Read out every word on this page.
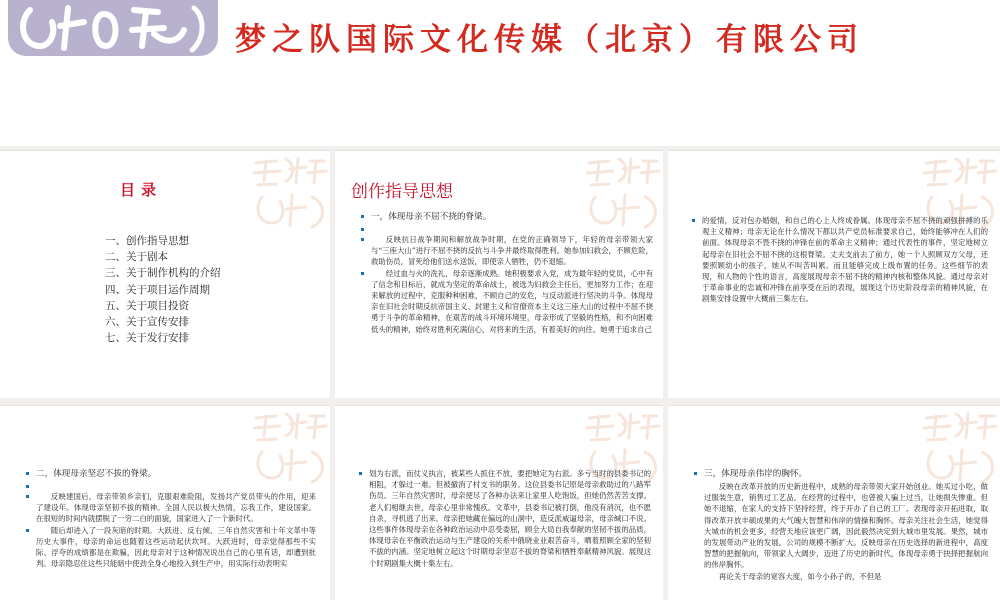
梦之队国际文化传媒（北京）有限公司
目录
一、创作指导思想
二、关于剧本
三、关于制作机构的介绍
四、关于项目运作周期
五、关于项目投资
六、关于宣传安排
七、关于发行安排
创作指导思想
一，体现母亲不屈不挠的脊梁。
反映抗日战争期间和解放战争时期，在党的正确领导下，年轻的母亲带领大家与“三座大山”进行不屈不挠的反抗与斗争并最终取得胜利。她参加妇救会，不顾危险，救助伤员，冒死给他们送水送饭，即使亲人牺牲，仍不退缩。
经过血与火的洗礼，母亲逐渐成熟。她积极要求入党，成为最年轻的党员，心中有了信念和目标后，就成为坚定的革命战士，被选为妇救会主任后，更加努力工作；在迎来解放的过程中，克服种种困难，不顾自己的安危，与反动派进行坚决的斗争。体现母亲在旧社会时期反抗帝国主义、封建主义和官僚资本主义这三座大山的过程中不屈不挠勇于斗争的革命精神，在艰苦的战斗环境环境里，母亲形成了坚毅的性格，和不向困难低头的精神，始终对胜利充满信心，对将来的生活，有着美好的向往。她勇于追求自己
的爱情，反对包办婚姻，和自己的心上人终成眷属。体现母亲不屈不挠的顽强拼搏的乐观主义精神；母亲无论在什么情况下都以共产党员标准要求自己，始终能够冲在人们的前面。体现母亲不畏不挠的冲锋在前的革命主义精神；通过代表性的事件，坚定地树立起母亲在旧社会不屈不挠的这根脊梁。丈夫支前去了前方，她一个人照顾双方父母，还要照顾幼小的孩子，她从不叫苦叫累。而且能够完成上级布置的任务。这些细节的表现，和人物的个性的语言，高度展现母亲不屈不挠的精神内核和整体风貌。通过母亲对于革命事业的忠诚和冲锋在前享受在后的表现，展现这个历史阶段母亲的精神风貌，在剧集安排设置中大概前三集左右。
二，体现母亲坚忍不拔的脊梁。
反映建国后，母亲带领乡亲们，克服艰难险阻，发扬共产党员带头的作用，迎来了建设年。体现母亲坚韧不拔的精神。全国人民以极大热情，忘我工作，建设国家。在很短的时间内就摆脱了一穷二白的面貌，国家进入了一个新时代。
随后却进入了一段灰暗的时期。大跃进、反右倾、三年自然灾害和十年文革中等历史大事件，母亲的命运也随着这些运动起伏坎坷。大跃进时，母亲觉得那些不实际、浮夸的成绩都是在欺骗，因此母亲对于这种情况说出自己的心里有话，却遭到批判。母亲隐忍住这些只能暗中使劲全身心地投入到生产中，用实际行动表明实
划为右派，而仗义执言，被某些人抓住不放，要把她定为右派。多亏当时的县委书记的相阻，才躲过一难。但被撤消了村支书的职务。这位县委书记原是母亲救助过的八路军伤员。三年自然灾害时，母亲使尽了各种办法来让家里人吃饱饭，但她仍然苦苦支撑。老人们相继去世，母亲心里非常愧疚。文革中，县委书记被打倒，他没有消沉，也不愿自杀，寻机逃了出来。母亲把她藏在偏远的山洞中，造反派威逼母亲，母亲缄口不说。这些事件体现母亲在各种政治运动中忍受委屈，顾全大局自我奉献的坚韧不拔的品质，体现母亲在平衡政治运动与生产建设的关系中俄晓业业艰苦奋斗，晒着照顾全家的坚韧不拔的内涵。坚定地树立起这个时期母亲坚忍不拔的脊梁和牺牲奉献精神风貌。展现这个时期剧集大概十集左右。
三，体现母亲伟岸的胸怀。
反映在改革开放的历史新进程中，成熟的母亲带领大家开始创业。她买过小吃，做过服装生意，销售过工艺品。在经营的过程中，也曾被人骗上过当，让她损失惨重。但她不退缩，在家人的支持下坚持经营，终于开办了自己的工厂。表现母亲开拓进取，取得改革开放丰硕成果的大气魄大智慧和伟岸的情操和胸怀。母亲关注社会生活，她觉得大城市的机会更多，经营天地应该更广阔，因此毅然决定到大城市里发展。果然，城市的发展带动产业的发展。公司的规模不断扩大。反映母亲在历史选择的新进程中，高度智慧的把握航向，带领家人大阔步，迈进了历史的新时代，体现母亲勇于抉择把握航向的伟岸胸怀。
再论关于母亲的宽容大度，如今小孙子的，不但是
